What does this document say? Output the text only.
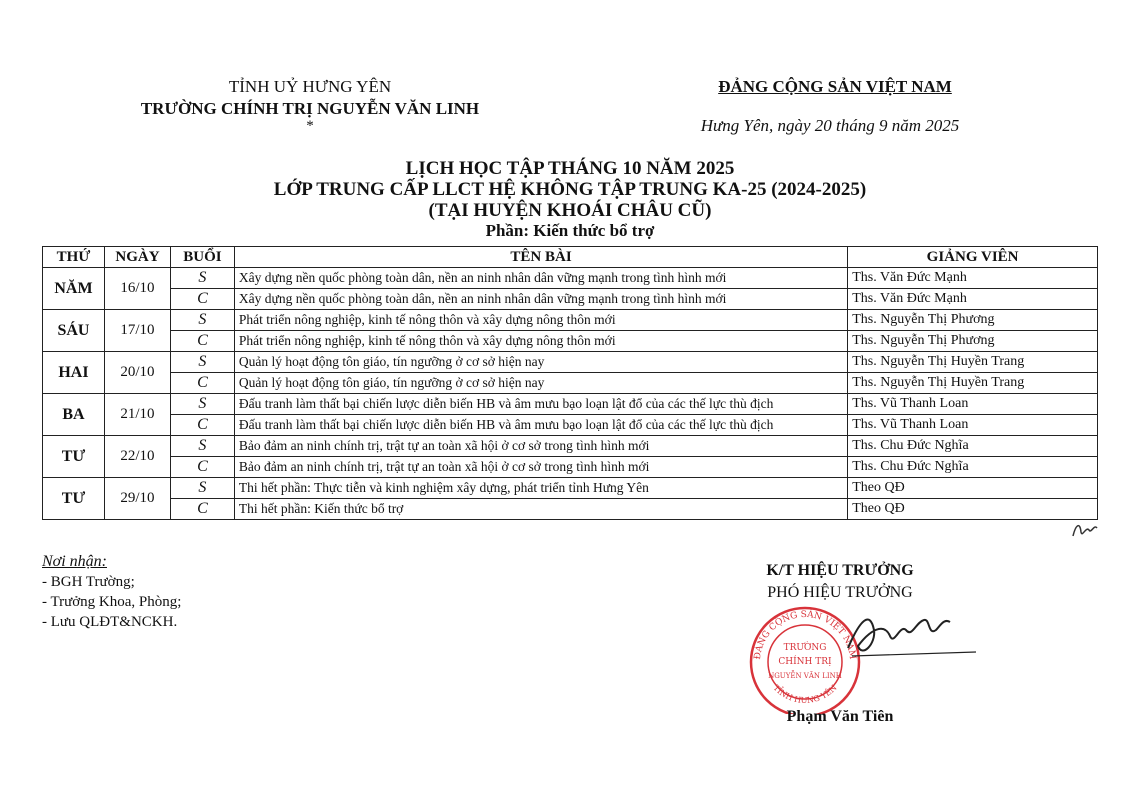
TỈNH UỶ HƯNG YÊN
TRƯỜNG CHÍNH TRỊ NGUYỄN VĂN LINH
*
ĐẢNG CỘNG SẢN VIỆT NAM
Hưng Yên, ngày 20 tháng 9 năm 2025
LỊCH HỌC TẬP THÁNG 10 NĂM 2025
LỚP TRUNG CẤP LLCT HỆ KHÔNG TẬP TRUNG KA-25 (2024-2025)
(TẠI HUYỆN KHOÁI CHÂU CŨ)
Phần: Kiến thức bổ trợ
THỨ	NGÀY	BUỔI	TÊN BÀI	GIẢNG VIÊN
NĂM	16/10	S	Xây dựng nền quốc phòng toàn dân, nền an ninh nhân dân vững mạnh trong tình hình mới	Ths. Văn Đức Mạnh
		C	Xây dựng nền quốc phòng toàn dân, nền an ninh nhân dân vững mạnh trong tình hình mới	Ths. Văn Đức Mạnh
SÁU	17/10	S	Phát triển nông nghiệp, kinh tế nông thôn và xây dựng nông thôn mới	Ths. Nguyễn Thị Phương
		C	Phát triển nông nghiệp, kinh tế nông thôn và xây dựng nông thôn mới	Ths. Nguyễn Thị Phương
HAI	20/10	S	Quản lý hoạt động tôn giáo, tín ngưỡng ở cơ sở hiện nay	Ths. Nguyễn Thị Huyền Trang
		C	Quản lý hoạt động tôn giáo, tín ngưỡng ở cơ sở hiện nay	Ths. Nguyễn Thị Huyền Trang
BA	21/10	S	Đấu tranh làm thất bại chiến lược diễn biến HB và âm mưu bạo loạn lật đổ của các thế lực thù địch	Ths. Vũ Thanh Loan
		C	Đấu tranh làm thất bại chiến lược diễn biến HB và âm mưu bạo loạn lật đổ của các thế lực thù địch	Ths. Vũ Thanh Loan
TƯ	22/10	S	Bảo đảm an ninh chính trị, trật tự an toàn xã hội ở cơ sở trong tình hình mới	Ths. Chu Đức Nghĩa
		C	Bảo đảm an ninh chính trị, trật tự an toàn xã hội ở cơ sở trong tình hình mới	Ths. Chu Đức Nghĩa
TƯ	29/10	S	Thi hết phần: Thực tiễn và kinh nghiệm xây dựng, phát triển tỉnh Hưng Yên	Theo QĐ
		C	Thi hết phần: Kiến thức bổ trợ	Theo QĐ
Nơi nhận:
- BGH Trường;
- Trưởng Khoa, Phòng;
- Lưu QLĐT&NCKH.
K/T HIỆU TRƯỞNG
PHÓ HIỆU TRƯỞNG
ĐẢNG CỘNG SẢN VIỆT NAM
TỈNH HƯNG YÊN
TRƯỜNG
CHÍNH TRỊ
NGUYỄN VĂN LINH
Phạm Văn Tiên
